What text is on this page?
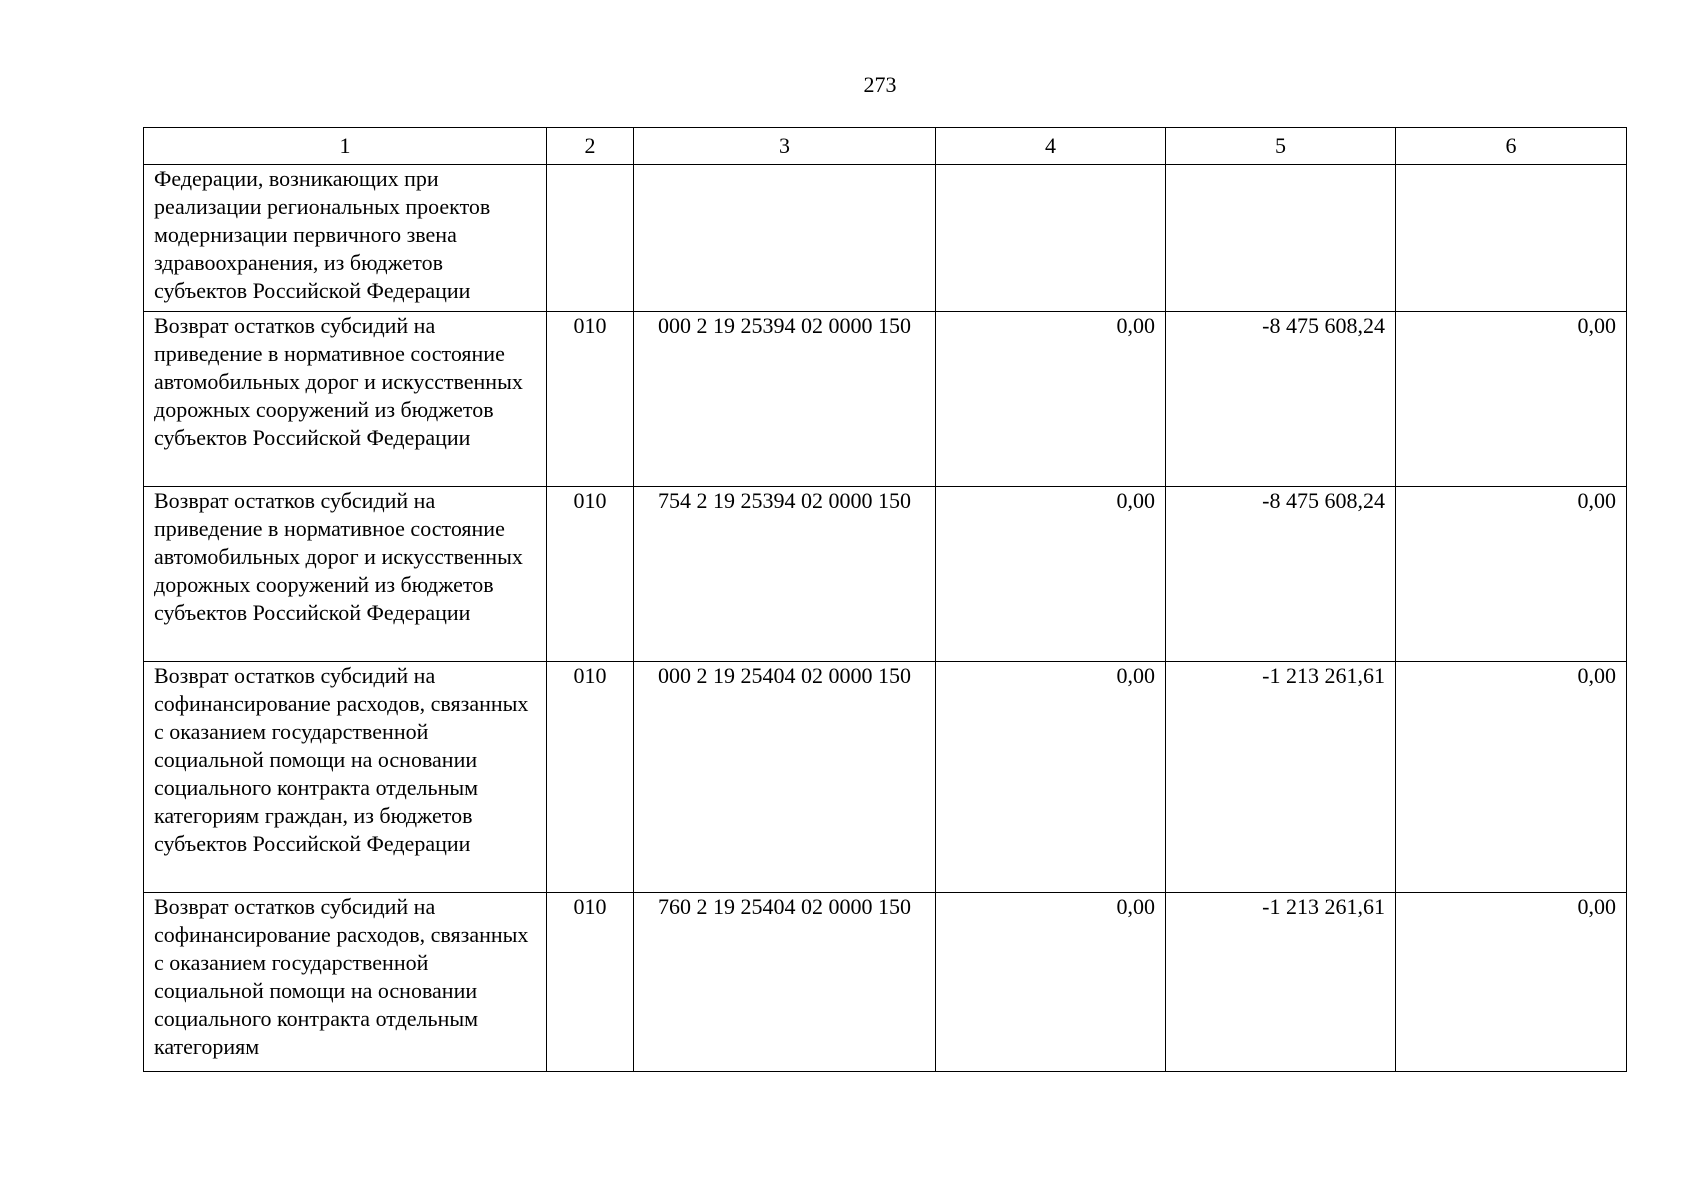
273
1	2	3	4	5	6
Федерации, возникающих при реализации региональных проектов модернизации первичного звена здравоохранения, из бюджетов субъектов Российской Федерации					
Возврат остатков субсидий на приведение в нормативное состояние автомобильных дорог и искусственных дорожных сооружений из бюджетов субъектов Российской Федерации	010	000 2 19 25394 02 0000 150	0,00	-8 475 608,24	0,00
Возврат остатков субсидий на приведение в нормативное состояние автомобильных дорог и искусственных дорожных сооружений из бюджетов субъектов Российской Федерации	010	754 2 19 25394 02 0000 150	0,00	-8 475 608,24	0,00
Возврат остатков субсидий на софинансирование расходов, связанных с оказанием государственной социальной помощи на основании социального контракта отдельным категориям граждан, из бюджетов субъектов Российской Федерации	010	000 2 19 25404 02 0000 150	0,00	-1 213 261,61	0,00
Возврат остатков субсидий на софинансирование расходов, связанных с оказанием государственной социальной помощи на основании социального контракта отдельным категориям	010	760 2 19 25404 02 0000 150	0,00	-1 213 261,61	0,00
